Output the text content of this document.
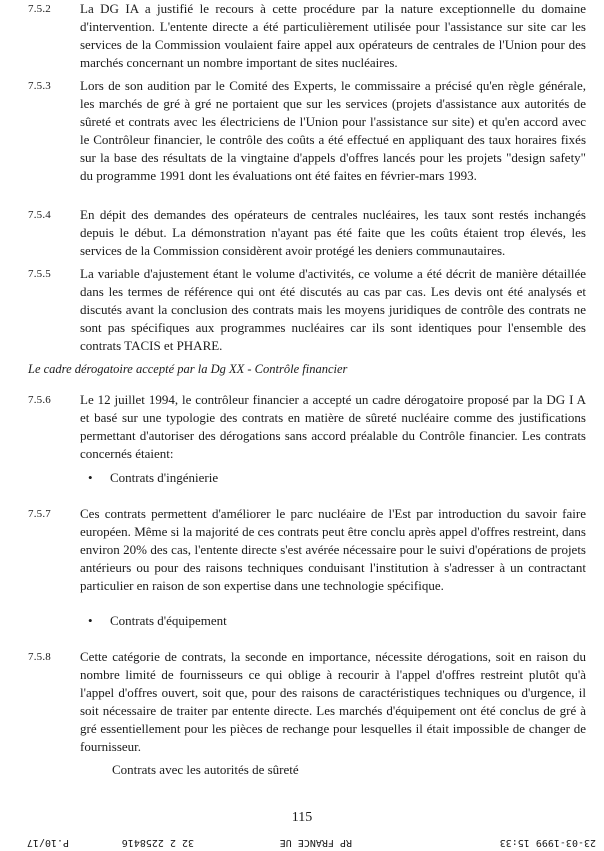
7.5.2 La DG IA a justifié le recours à cette procédure par la nature exceptionnelle du domaine d'intervention. L'entente directe a été particulièrement utilisée pour l'assistance sur site car les services de la Commission voulaient faire appel aux opérateurs de centrales de l'Union pour des marchés concernant un nombre important de sites nucléaires.
7.5.3 Lors de son audition par le Comité des Experts, le commissaire a précisé qu'en règle générale, les marchés de gré à gré ne portaient que sur les services (projets d'assistance aux autorités de sûreté et contrats avec les électriciens de l'Union pour l'assistance sur site) et qu'en accord avec le Contrôleur financier, le contrôle des coûts a été effectué en appliquant des taux horaires fixés sur la base des résultats de la vingtaine d'appels d'offres lancés pour les projets "design safety" du programme 1991 dont les évaluations ont été faites en février-mars 1993.
7.5.4 En dépit des demandes des opérateurs de centrales nucléaires, les taux sont restés inchangés depuis le début. La démonstration n'ayant pas été faite que les coûts étaient trop élevés, les services de la Commission considèrent avoir protégé les deniers communautaires.
7.5.5 La variable d'ajustement étant le volume d'activités, ce volume a été décrit de manière détaillée dans les termes de référence qui ont été discutés au cas par cas. Les devis ont été analysés et discutés avant la conclusion des contrats mais les moyens juridiques de contrôle des contrats ne sont pas spécifiques aux programmes nucléaires car ils sont identiques pour l'ensemble des contrats TACIS et PHARE.
Le cadre dérogatoire accepté par la Dg XX - Contrôle financier
7.5.6 Le 12 juillet 1994, le contrôleur financier a accepté un cadre dérogatoire proposé par la DG I A et basé sur une typologie des contrats en matière de sûreté nucléaire comme des justifications permettant d'autoriser des dérogations sans accord préalable du Contrôle financier. Les contrats concernés étaient:
• Contrats d'ingénierie
7.5.7 Ces contrats permettent d'améliorer le parc nucléaire de l'Est par introduction du savoir faire européen. Même si la majorité de ces contrats peut être conclu après appel d'offres restreint, dans environ 20% des cas, l'entente directe s'est avérée nécessaire pour le suivi d'opérations de projets antérieurs ou pour des raisons techniques conduisant l'institution à s'adresser à un contractant particulier en raison de son expertise dans une technologie spécifique.
• Contrats d'équipement
7.5.8 Cette catégorie de contrats, la seconde en importance, nécessite dérogations, soit en raison du nombre limité de fournisseurs ce qui oblige à recourir à l'appel d'offres restreint plutôt qu'à l'appel d'offres ouvert, soit que, pour des raisons de caractéristiques techniques ou d'urgence, il soit nécessaire de traiter par entente directe. Les marchés d'équipement ont été conclus de gré à gré essentiellement pour les pièces de rechange pour lesquelles il était impossible de changer de fournisseur.
Contrats avec les autorités de sûreté
115
23-03-1999 15:33
RP FRANCE UE
32 2 2258416
P.10/17
